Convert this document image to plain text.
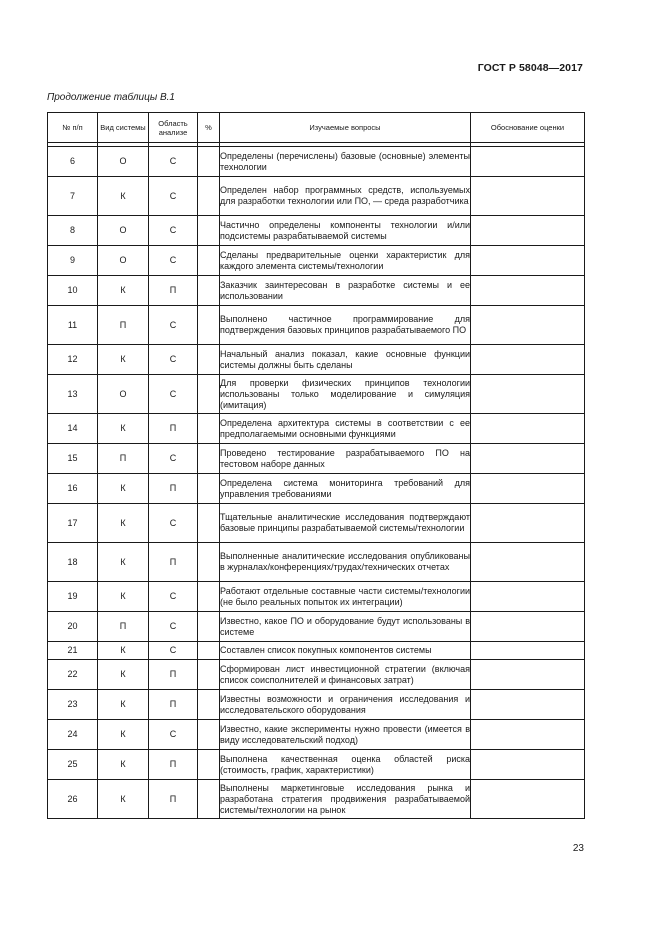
ГОСТ Р 58048—2017
Продолжение таблицы В.1
№ п/п	Вид системы	Область анализе	%	Изучаемые вопросы	Обоснование оценки

6	О	С		Определены (перечислены) базовые (основные) элементы технологии	
7	К	С		Определен набор программных средств, используемых для разработки технологии или ПО, — среда разработчика	
8	О	С		Частично определены компоненты технологии и/или подсистемы разрабатываемой системы	
9	О	С		Сделаны предварительные оценки характеристик для каждого элемента системы/технологии	
10	К	П		Заказчик заинтересован в разработке системы и ее использовании	
11	П	С		Выполнено частичное программирование для подтверждения базовых принципов разрабатываемого ПО	
12	К	С		Начальный анализ показал, какие основные функции системы должны быть сделаны	
13	О	С		Для проверки физических принципов технологии использованы только моделирование и симуляция (имитация)	
14	К	П		Определена архитектура системы в соответствии с ее предполагаемыми основными функциями	
15	П	С		Проведено тестирование разрабатываемого ПО на тестовом наборе данных	
16	К	П		Определена система мониторинга требований для управления требованиями	
17	К	С		Тщательные аналитические исследования подтверждают базовые принципы разрабатываемой системы/технологии	
18	К	П		Выполненные аналитические исследования опубликованы в журналах/конференциях/трудах/технических отчетах	
19	К	С		Работают отдельные составные части системы/технологии (не было реальных попыток их интеграции)	
20	П	С		Известно, какое ПО и оборудование будут использованы в системе	
21	К	С		Составлен список покупных компонентов системы	
22	К	П		Сформирован лист инвестиционной стратегии (включая список соисполнителей и финансовых затрат)	
23	К	П		Известны возможности и ограничения исследования и исследовательского оборудования	
24	К	С		Известно, какие эксперименты нужно провести (имеется в виду исследовательский подход)	
25	К	П		Выполнена качественная оценка областей риска (стоимость, график, характеристики)	
26	К	П		Выполнены маркетинговые исследования рынка и разработана стратегия продвижения разрабатываемой системы/технологии на рынок	
23
